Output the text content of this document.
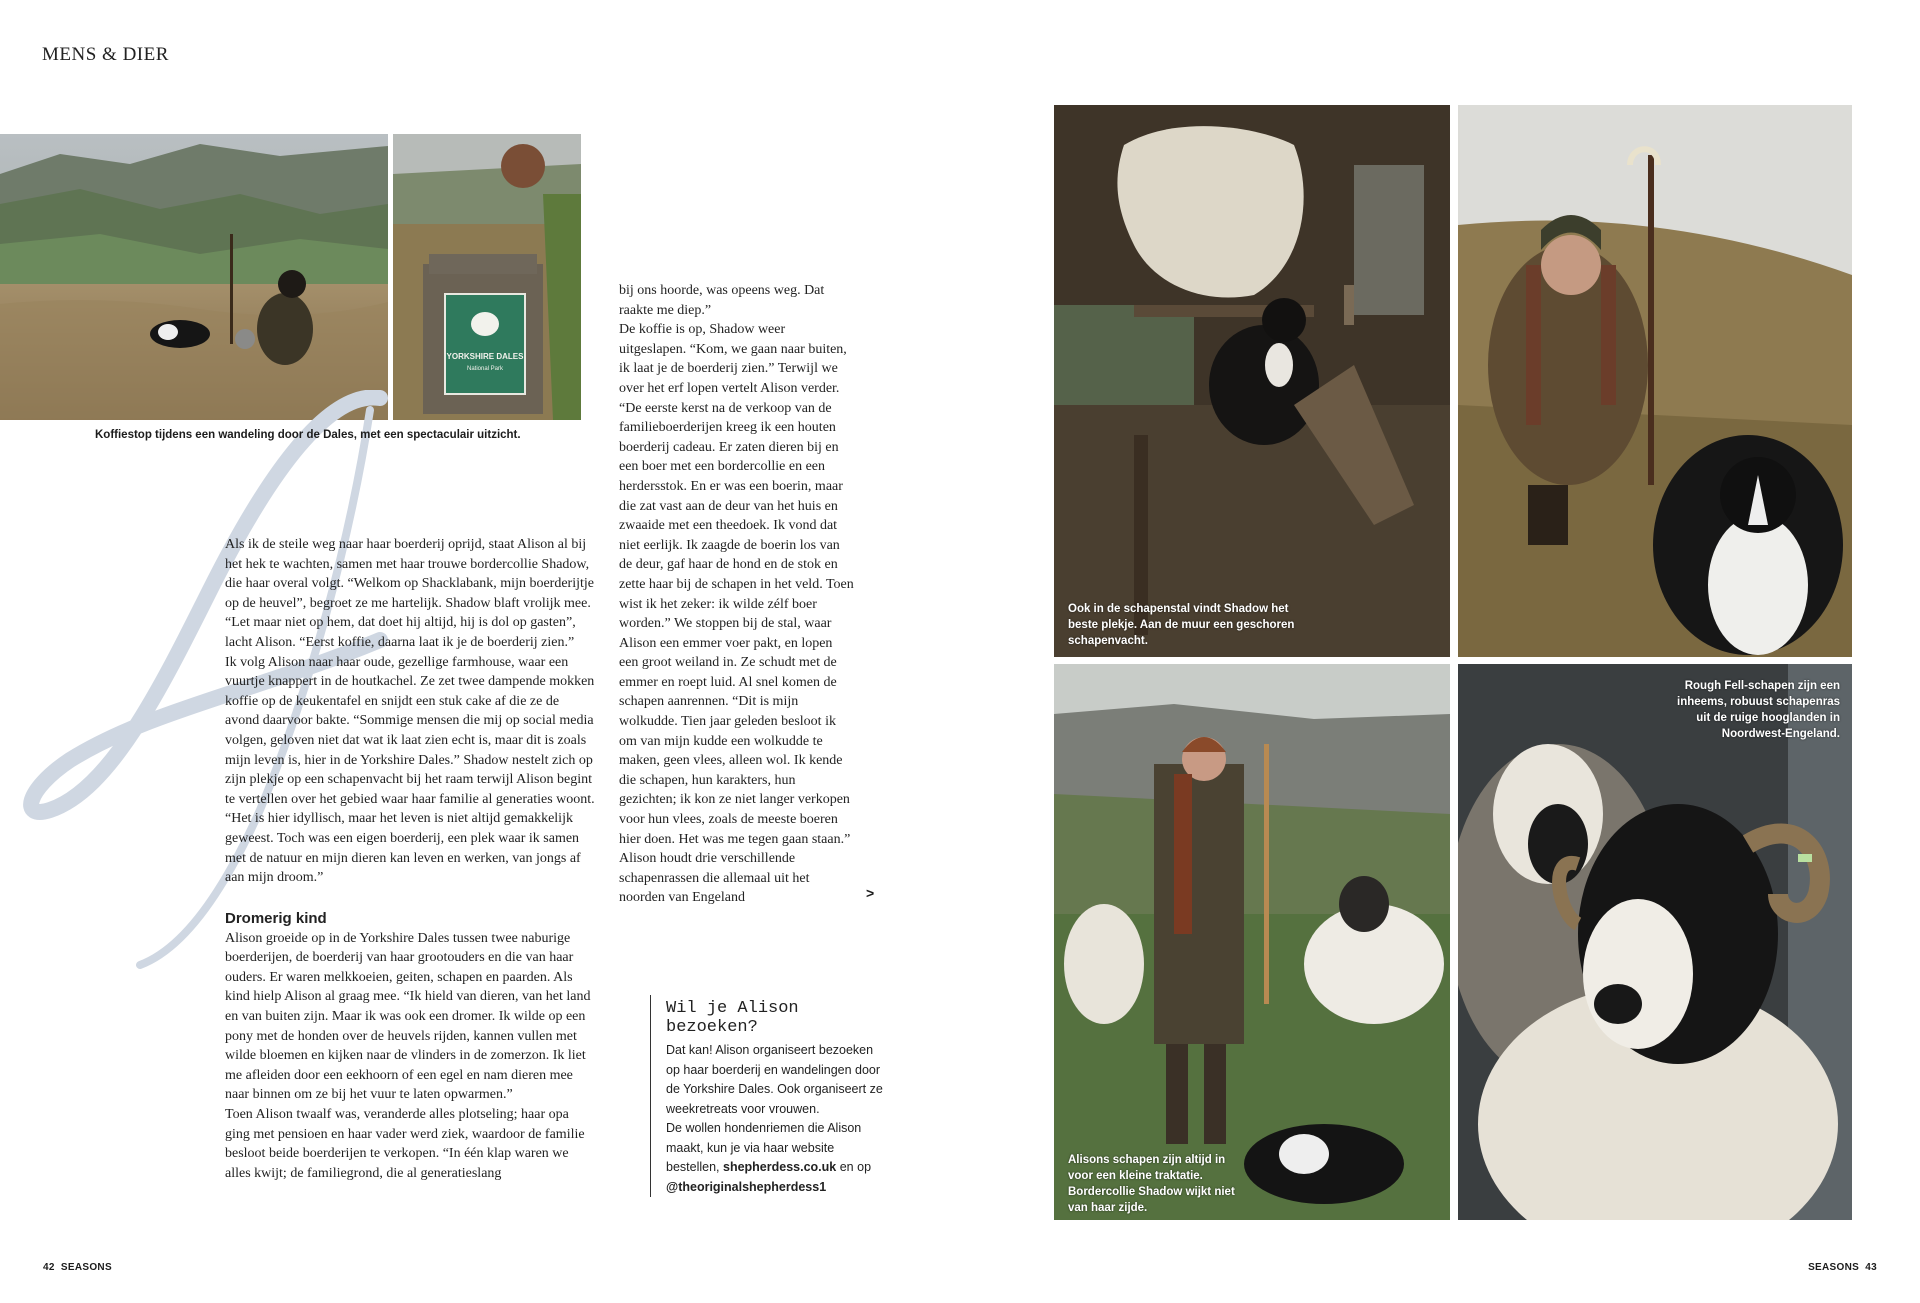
MENS & DIER
YORKSHIRE DALES
National Park
Koffiestop tijdens een wandeling door de Dales, met een spectaculair uitzicht.

Als ik de steile weg naar haar boerderij oprijd, staat Alison al bij het hek te wachten, samen met haar trouwe bordercollie Shadow, die haar overal volgt. “Welkom op Shacklabank, mijn boerderijtje op de heuvel”, begroet ze me hartelijk. Shadow blaft vrolijk mee. “Let maar niet op hem, dat doet hij altijd, hij is dol op gasten”, lacht Alison. “Eerst koffie, daarna laat ik je de boerderij zien.”

Ik volg Alison naar haar oude, gezellige farmhouse, waar een vuurtje knappert in de houtkachel. Ze zet twee dampende mokken koffie op de keukentafel en snijdt een stuk cake af die ze de avond daarvoor bakte. “Sommige mensen die mij op social media volgen, geloven niet dat wat ik laat zien echt is, maar dit is zoals mijn leven is, hier in de Yorkshire Dales.” Shadow nestelt zich op zijn plekje op een schapenvacht bij het raam terwijl Alison begint te vertellen over het gebied waar haar familie al generaties woont. “Het is hier idyllisch, maar het leven is niet altijd gemakkelijk geweest. Toch was een eigen boerderij, een plek waar ik samen met de natuur en mijn dieren kan leven en werken, van jongs af aan mijn droom.”

Dromerig kind

Alison groeide op in de Yorkshire Dales tussen twee naburige boerderijen, de boerderij van haar grootouders en die van haar ouders. Er waren melkkoeien, geiten, schapen en paarden. Als kind hielp Alison al graag mee. “Ik hield van dieren, van het land en van buiten zijn. Maar ik was ook een dromer. Ik wilde op een pony met de honden over de heuvels rijden, kannen vullen met wilde bloemen en kijken naar de vlinders in de zomerzon. Ik liet me afleiden door een eekhoorn of een egel en nam dieren mee naar binnen om ze bij het vuur te laten opwarmen.”

Toen Alison twaalf was, veranderde alles plotseling; haar opa ging met pensioen en haar vader werd ziek, waardoor de familie besloot beide boerderijen te verkopen. “In één klap waren we alles kwijt; de familiegrond, die al generatieslang

bij ons hoorde, was opeens weg. Dat raakte me diep.”

De koffie is op, Shadow weer uitgeslapen. “Kom, we gaan naar buiten, ik laat je de boerderij zien.” Terwijl we over het erf lopen vertelt Alison verder. “De eerste kerst na de verkoop van de familieboerderijen kreeg ik een houten boerderij cadeau. Er zaten dieren bij en een boer met een bordercollie en een herdersstok. En er was een boerin, maar die zat vast aan de deur van het huis en zwaaide met een theedoek. Ik vond dat niet eerlijk. Ik zaagde de boerin los van de deur, gaf haar de hond en de stok en zette haar bij de schapen in het veld. Toen wist ik het zeker: ik wilde zélf boer worden.” We stoppen bij de stal, waar Alison een emmer voer pakt, en lopen een groot weiland in. Ze schudt met de emmer en roept luid. Al snel komen de schapen aanrennen. “Dit is mijn wolkudde. Tien jaar geleden besloot ik om van mijn kudde een wolkudde te maken, geen vlees, alleen wol. Ik kende die schapen, hun karakters, hun gezichten; ik kon ze niet langer verkopen voor hun vlees, zoals de meeste boeren hier doen. Het was me tegen gaan staan.” Alison houdt drie verschillende schapenrassen die allemaal uit het noorden van Engeland	>
Wil je Alison bezoeken?
Dat kan! Alison organiseert bezoeken op haar boerderij en wandelingen door de Yorkshire Dales. Ook organiseert ze weekretreats voor vrouwen.
De wollen hondenriemen die Alison maakt, kun je via haar website bestellen, shepherdess.co.uk en op @theoriginalshepherdess1
Ook in de schapenstal vindt Shadow het beste plekje. Aan de muur een geschoren schapenvacht.
Alisons schapen zijn altijd in voor een kleine traktatie. Bordercollie Shadow wijkt niet van haar zijde.
Rough Fell-schapen zijn een inheems, robuust schapenras uit de ruige hooglanden in Noordwest-Engeland.
42 SEASONS	SEASONS 43
